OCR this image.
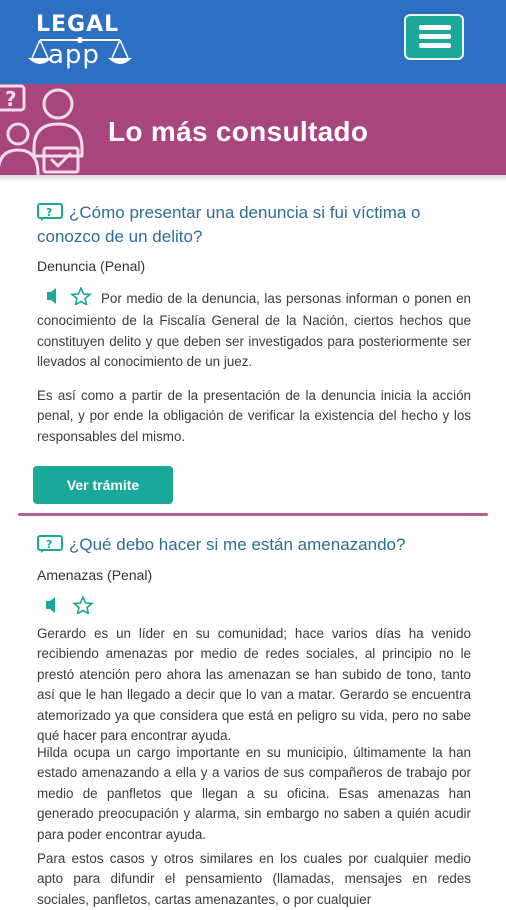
LEGAL
app
?
Lo más consultado
? ¿Cómo presentar una denuncia si fui víctima o conozco de un delito?
Denuncia (Penal)
Por medio de la denuncia, las personas informan o ponen en conocimiento de la Fiscalía General de la Nación, ciertos hechos que constituyen delito y que deben ser investigados para posteriormente ser llevados al conocimiento de un juez.
Es así como a partir de la presentación de la denuncia inicia la acción penal, y por ende la obligación de verificar la existencia del hecho y los responsables del mismo.
Ver trámite
? ¿Qué debo hacer si me están amenazando?
Amenazas (Penal)
Gerardo es un líder en su comunidad; hace varios días ha venido recibiendo amenazas por medio de redes sociales, al principio no le prestó atención pero ahora las amenazan se han subido de tono, tanto así que le han llegado a decir que lo van a matar. Gerardo se encuentra atemorizado ya que considera que está en peligro su vida, pero no sabe qué hacer para encontrar ayuda.
Hilda ocupa un cargo importante en su municipio, últimamente la han estado amenazando a ella y a varios de sus compañeros de trabajo por medio de panfletos que llegan a su oficina. Esas amenazas han generado preocupación y alarma, sin embargo no saben a quién acudir para poder encontrar ayuda.
Para estos casos y otros similares en los cuales por cualquier medio apto para difundir el pensamiento (llamadas, mensajes en redes sociales, panfletos, cartas amenazantes, o por cualquier
